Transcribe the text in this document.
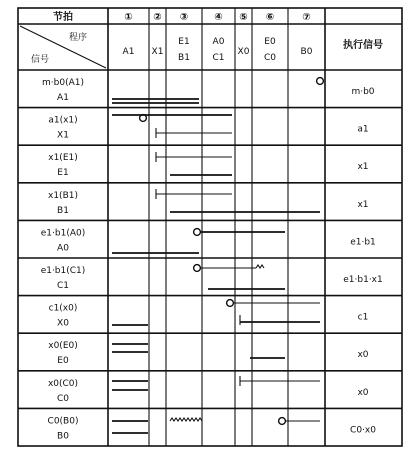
节拍
程序
信号
执行信号
①
A1
②
X1
③
E1
B1
④
A0
C1
⑤
X0
⑥
E0
C0
⑦
B0
m·b0(A1)
A1
m·b0
a1(x1)
X1
a1
x1(E1)
E1
x1
x1(B1)
B1
x1
e1·b1(A0)
A0
e1·b1
e1·b1(C1)
C1
e1·b1·x1
c1(x0)
X0
c1
x0(E0)
E0
x0
x0(C0)
C0
x0
C0(B0)
B0
C0·x0
